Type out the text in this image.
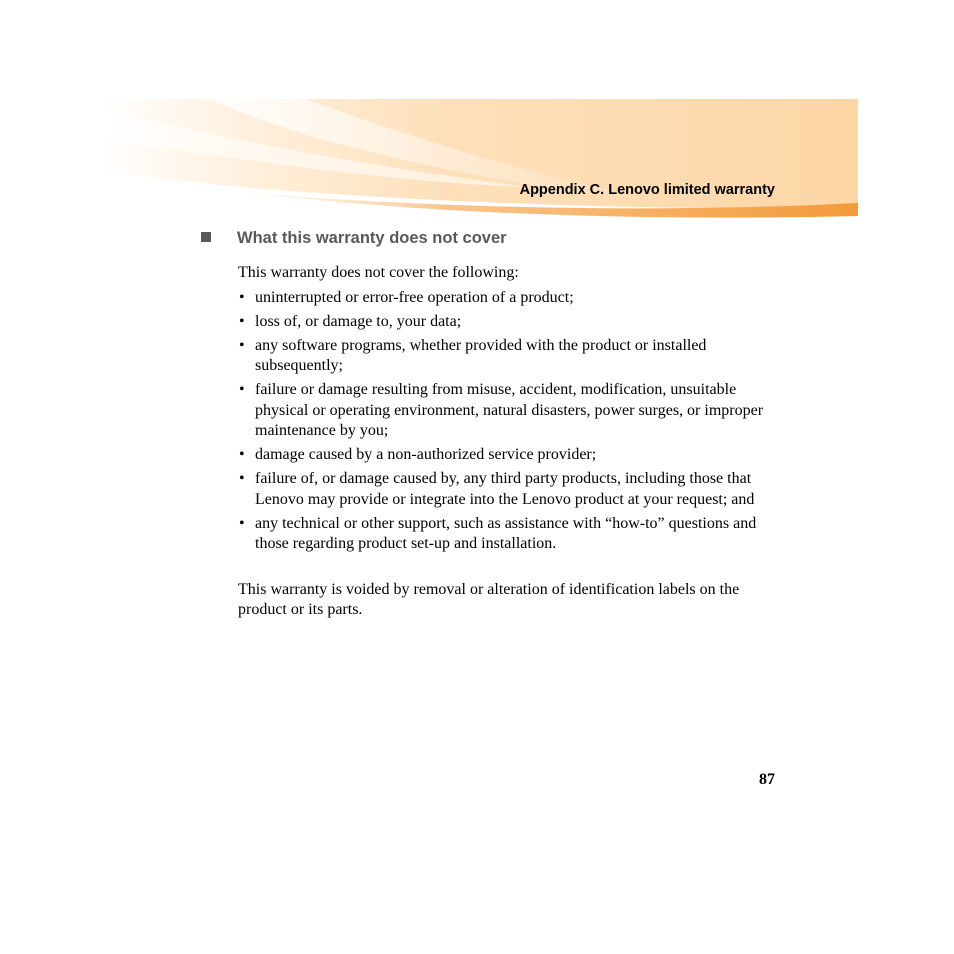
Appendix C. Lenovo limited warranty
What this warranty does not cover

This warranty does not cover the following:

• uninterrupted or error-free operation of a product;
• loss of, or damage to, your data;
• any software programs, whether provided with the product or installed subsequently;
• failure or damage resulting from misuse, accident, modification, unsuitable physical or operating environment, natural disasters, power surges, or improper maintenance by you;
• damage caused by a non-authorized service provider;
• failure of, or damage caused by, any third party products, including those that Lenovo may provide or integrate into the Lenovo product at your request; and
• any technical or other support, such as assistance with “how-to” questions and those regarding product set-up and installation.

This warranty is voided by removal or alteration of identification labels on the product or its parts.

87
